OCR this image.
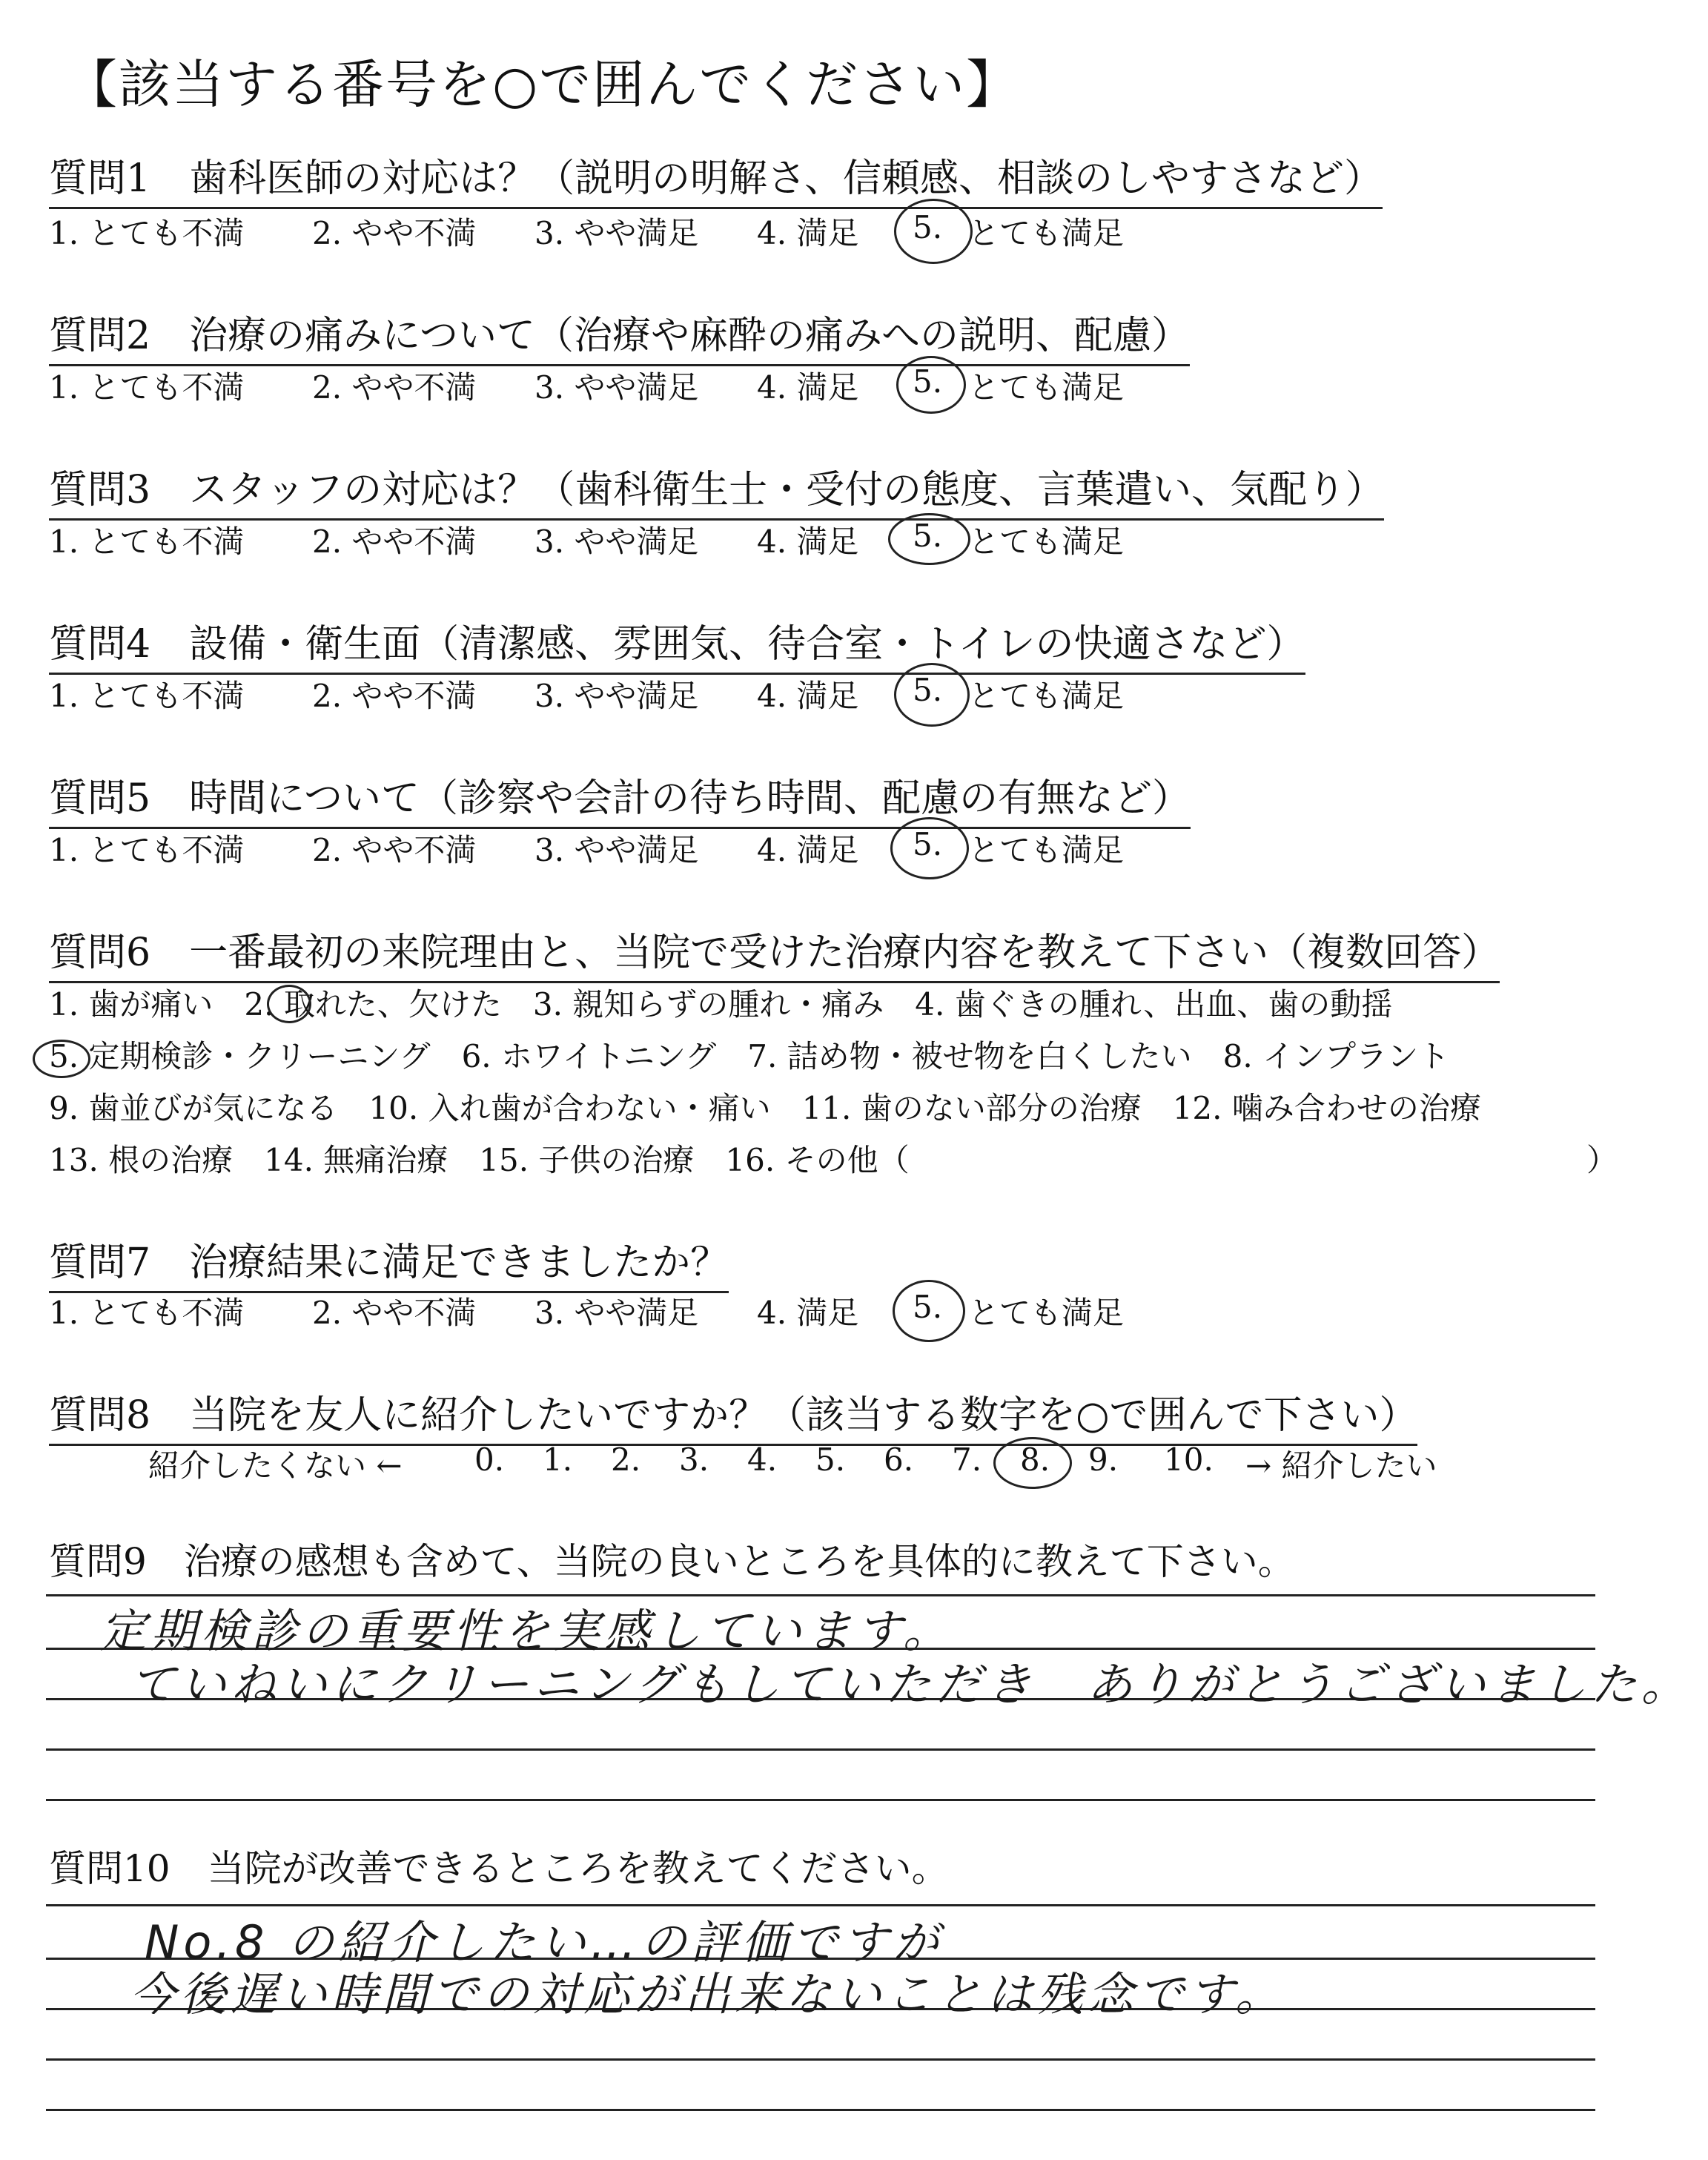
【該当する番号を○で囲んでください】
質問1　歯科医師の対応は？（説明の明解さ、信頼感、相談のしやすさなど）
1. とても不満 2. やや不満 3. やや満足 4. 満足 5. とても満足
質問2　治療の痛みについて（治療や麻酔の痛みへの説明、配慮）
1. とても不満 2. やや不満 3. やや満足 4. 満足 5. とても満足
質問3　スタッフの対応は？（歯科衛生士・受付の態度、言葉遣い、気配り）
1. とても不満 2. やや不満 3. やや満足 4. 満足 5. とても満足
質問4　設備・衛生面（清潔感、雰囲気、待合室・トイレの快適さなど）
1. とても不満 2. やや不満 3. やや満足 4. 満足 5. とても満足
質問5　時間について（診察や会計の待ち時間、配慮の有無など）
1. とても不満 2. やや不満 3. やや満足 4. 満足 5. とても満足
質問6　一番最初の来院理由と、当院で受けた治療内容を教えて下さい（複数回答）
1. 歯が痛い　2. 取れた、欠けた　3. 親知らずの腫れ・痛み　4. 歯ぐきの腫れ、出血、歯の動揺
5. 定期検診・クリーニング　6. ホワイトニング　7. 詰め物・被せ物を白くしたい　8. インプラント
9. 歯並びが気になる　10. 入れ歯が合わない・痛い　11. 歯のない部分の治療　12. 噛み合わせの治療
13. 根の治療　14. 無痛治療　15. 子供の治療　16. その他（	）
質問7　治療結果に満足できましたか？
1. とても不満 2. やや不満 3. やや満足 4. 満足 5. とても満足
質問8　当院を友人に紹介したいですか？（該当する数字を○で囲んで下さい）
紹介したくない ← 0. 1. 2. 3. 4. 5. 6. 7. 8. 9. 10. → 紹介したい
質問9　治療の感想も含めて、当院の良いところを具体的に教えて下さい。
定期検診の重要性を実感しています。
ていねいにクリーニングもしていただき　ありがとうございました。
質問10　当院が改善できるところを教えてください。
No.8 の紹介したい…の評価ですが
今後遅い時間での対応が出来ないことは残念です。
